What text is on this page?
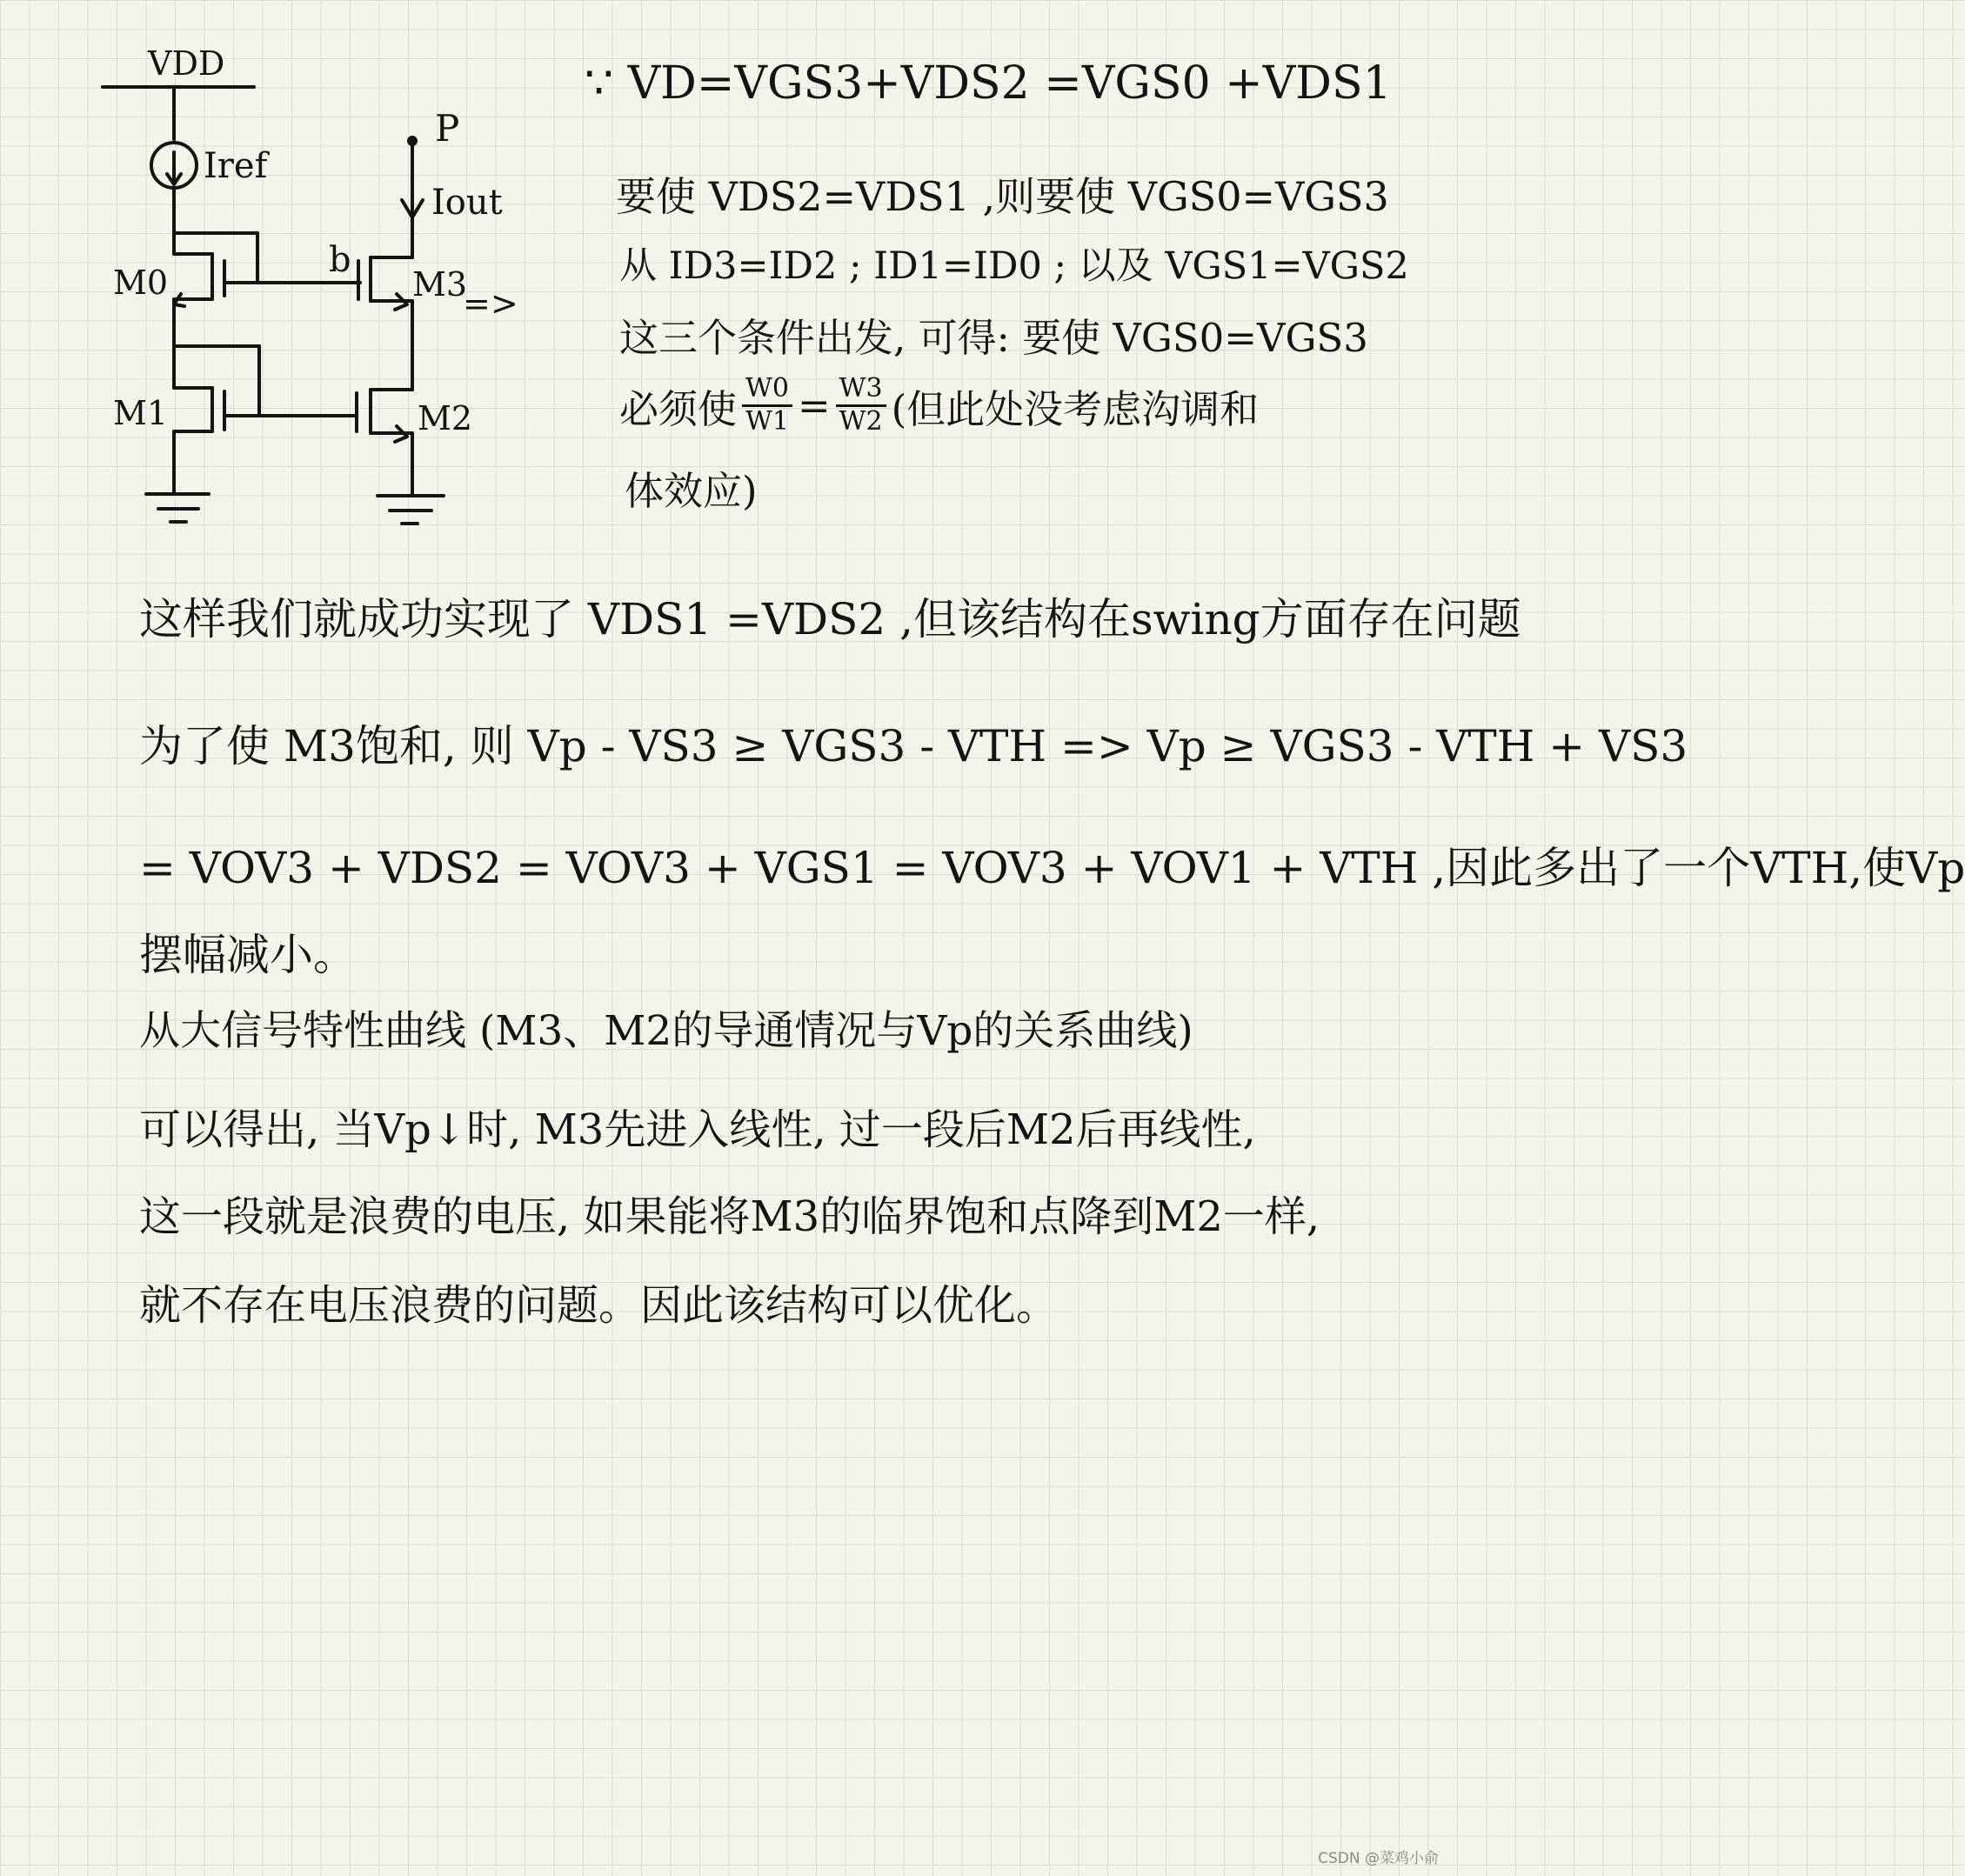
VDD
Iref
P
Iout
b
M0
M1
M3
=>
M2
∵ VD=VGS3+VDS2 =VGS0 +VDS1
要使 VDS2=VDS1 ,则要使 VGS0=VGS3
从 ID3=ID2 ; ID1=ID0 ; 以及 VGS1=VGS2
这三个条件出发, 可得: 要使 VGS0=VGS3
必须使 $\frac{W0}{W1} = \frac{W3}{W2}$ (但此处没考虑沟调和
体效应)
这样我们就成功实现了 VDS1 =VDS2 ,但该结构在swing方面存在问题
为了使 M3饱和, 则 Vp - VS3 ≥ VGS3 - VTH => Vp ≥ VGS3 - VTH + VS3
= VOV3 + VDS2 = VOV3 + VGS1 = VOV3 + VOV1 + VTH ,因此多出了一个VTH,使Vp
摆幅减小。
从大信号特性曲线 (M3、M2的导通情况与Vp的关系曲线)
可以得出, 当Vp↓时, M3先进入线性, 过一段后M2后再线性,
这一段就是浪费的电压, 如果能将M3的临界饱和点降到M2一样,
就不存在电压浪费的问题。因此该结构可以优化。
CSDN @菜鸡小俞
